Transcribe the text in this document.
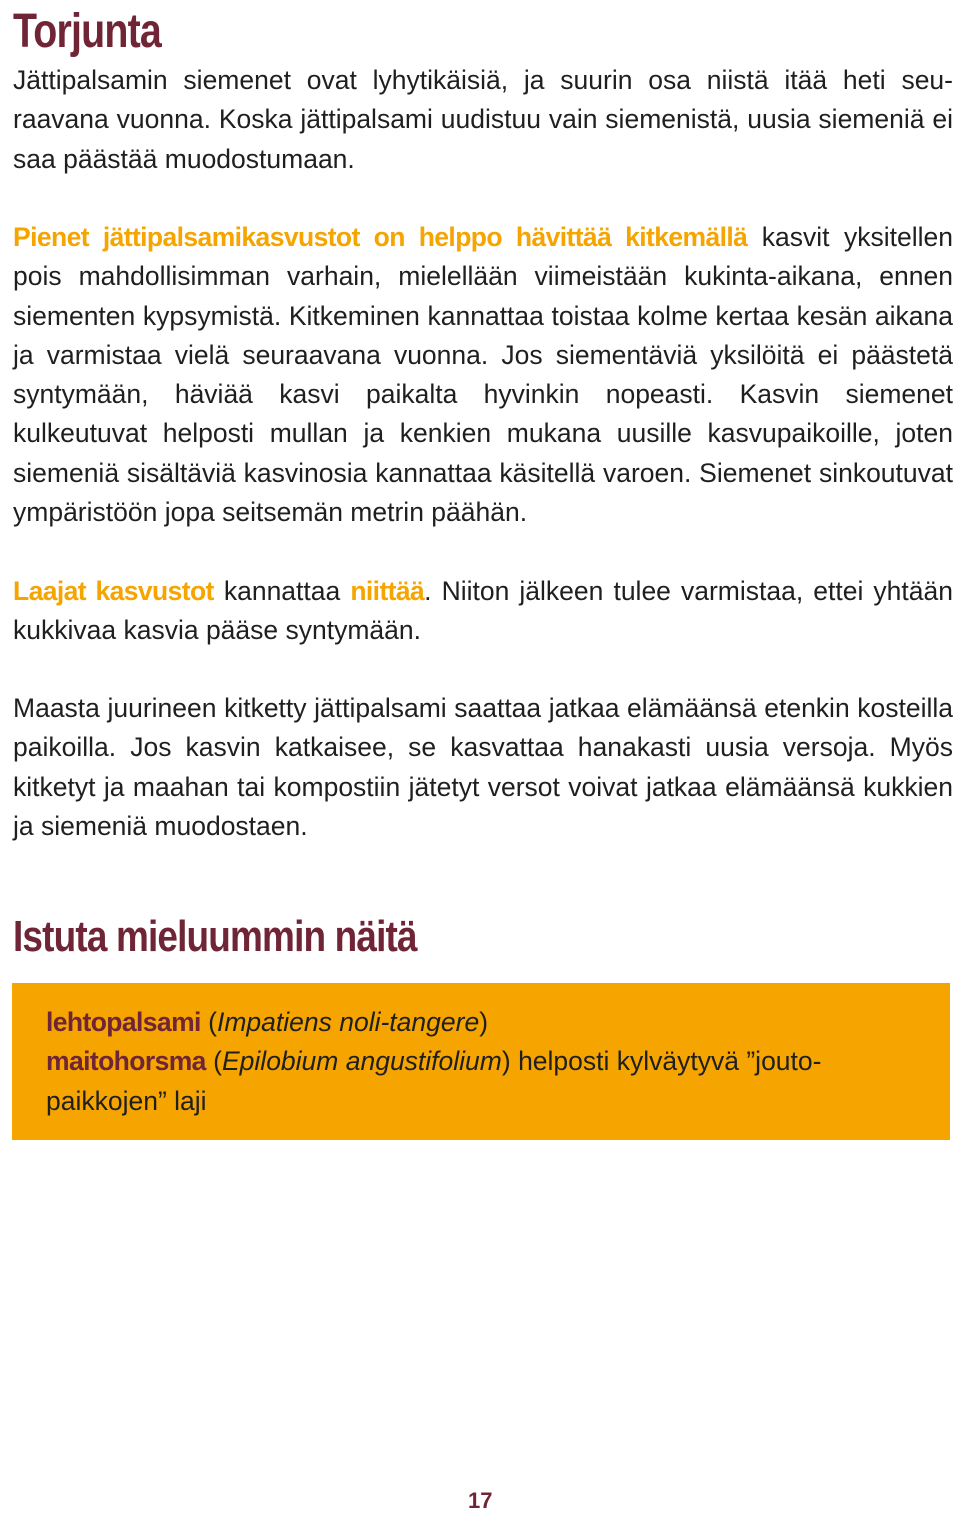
Torjunta

Jättipalsamin siemenet ovat lyhytikäisiä, ja suurin osa niistä itää heti seuraavana vuonna. Koska jättipalsami uudistuu vain siemenistä, uusia siemeniä ei saa päästää muodostumaan.

Pienet jättipalsamikasvustot on helppo hävittää kitkemällä kasvit yksitellen pois mahdollisimman varhain, mielellään viimeistään kukinta-aikana, ennen siementen kypsymistä. Kitkeminen kannattaa toistaa kolme kertaa kesän aikana ja varmistaa vielä seuraavana vuonna. Jos siementäviä yksilöitä ei päästetä syntymään, häviää kasvi paikalta hyvinkin nopeasti. Kasvin siemenet kulkeutuvat helposti mullan ja kenkien mukana uusille kasvupaikoille, joten siemeniä sisältäviä kasvinosia kannattaa käsitellä varoen. Siemenet sinkoutuvat ympäristöön jopa seitsemän metrin päähän.

Laajat kasvustot kannattaa niittää. Niiton jälkeen tulee varmistaa, ettei yhtään kukkivaa kasvia pääse syntymään.

Maasta juurineen kitketty jättipalsami saattaa jatkaa elämäänsä etenkin kosteilla paikoilla. Jos kasvin katkaisee, se kasvattaa hanakasti uusia versoja. Myös kitketyt ja maahan tai kompostiin jätetyt versot voivat jatkaa elämäänsä kukkien ja siemeniä muodostaen.

Istuta mieluummin näitä
lehtopalsami (Impatiens noli-tangere)
maitohorsma (Epilobium angustifolium) helposti kylväytyvä ”joutopaikkojen” laji
17
